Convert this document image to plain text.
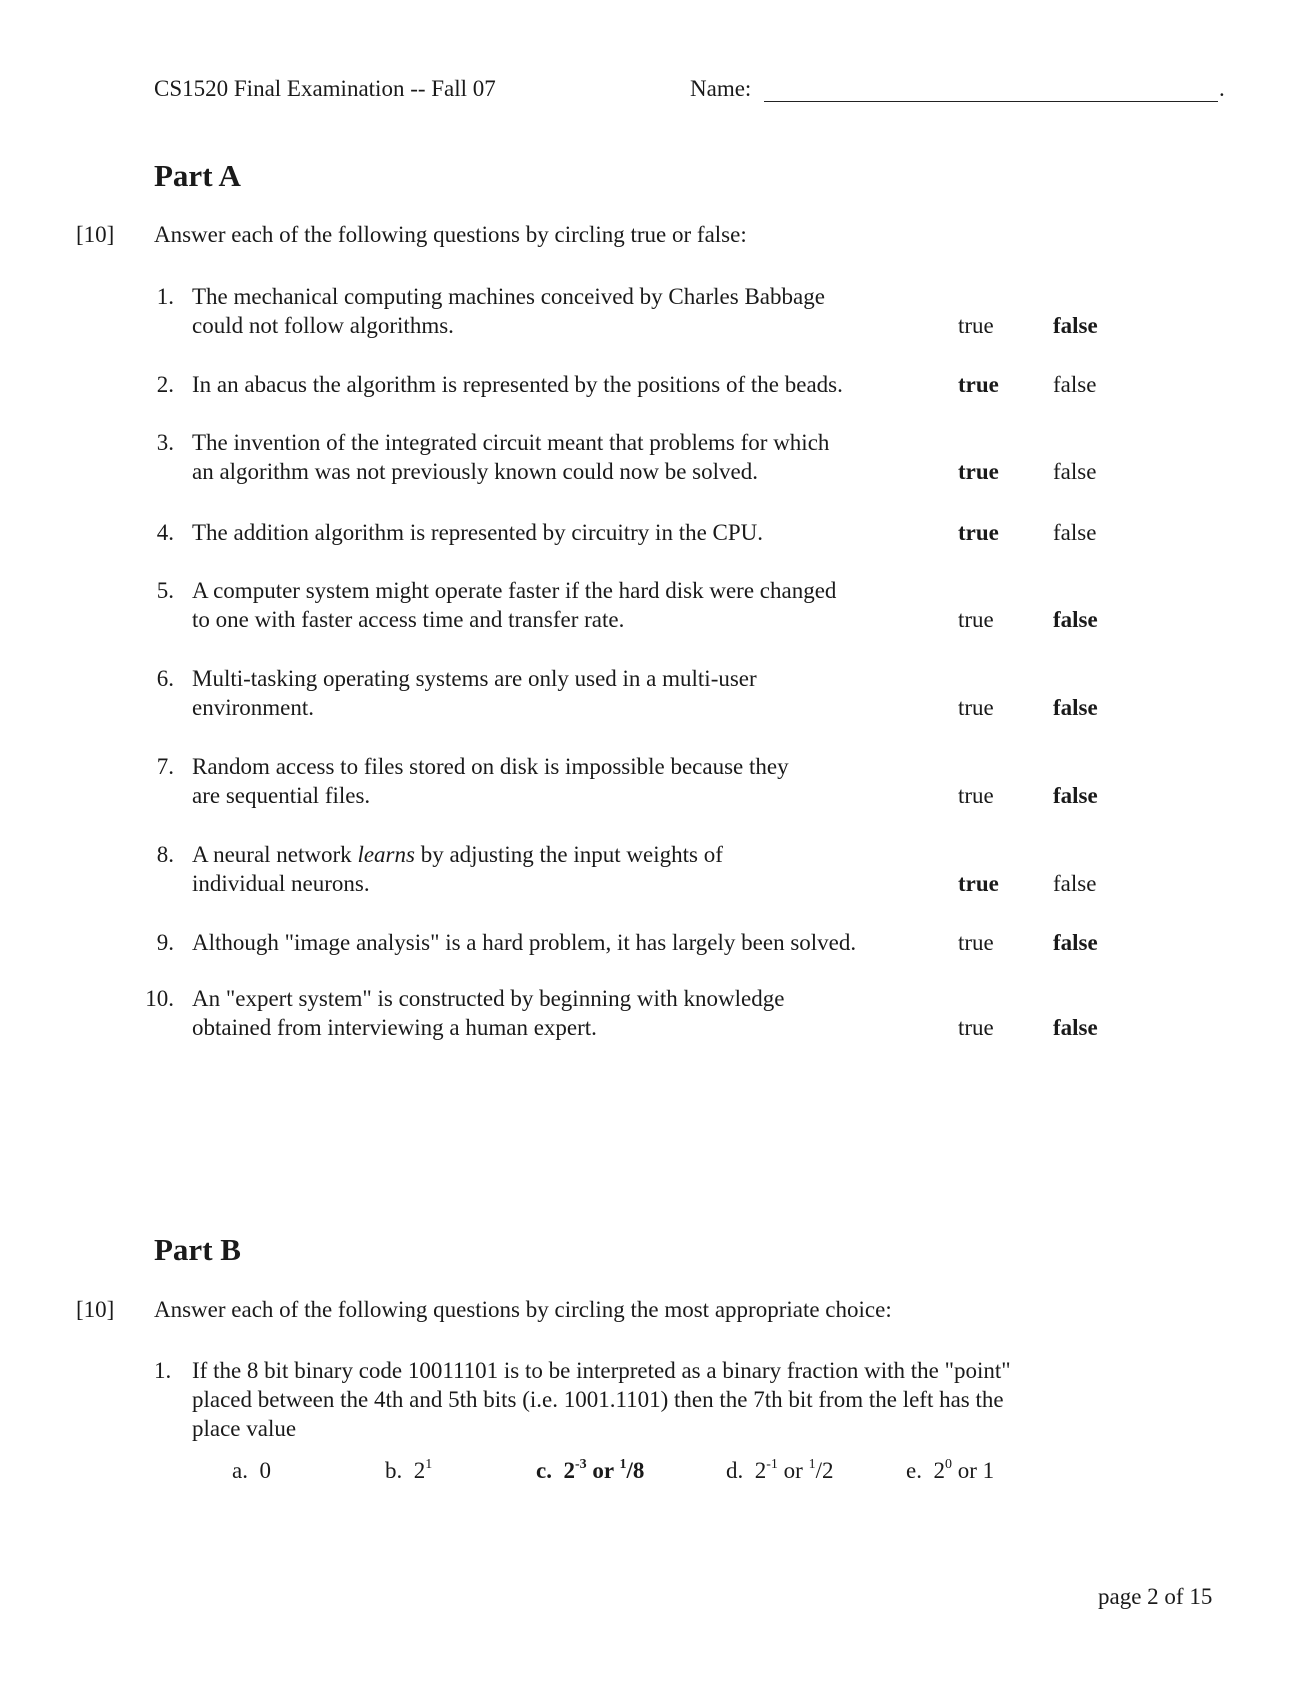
CS1520 Final Examination -- Fall 07	Name:	.
Part A
[10] Answer each of the following questions by circling true or false:
1. The mechanical computing machines conceived by Charles Babbage
could not follow algorithms.	true	false
2. In an abacus the algorithm is represented by the positions of the beads.	true false
3. The invention of the integrated circuit meant that problems for which
an algorithm was not previously known could now be solved.	true false
4. The addition algorithm is represented by circuitry in the CPU.	true false
5. A computer system might operate faster if the hard disk were changed
to one with faster access time and transfer rate.	true	false
6. Multi-tasking operating systems are only used in a multi-user
environment.	true	false
7. Random access to files stored on disk is impossible because they
are sequential files.	true	false
8. A neural network learns by adjusting the input weights of
individual neurons.	true false
9. Although "image analysis" is a hard problem, it has largely been solved.	true	false
10. An "expert system" is constructed by beginning with knowledge
obtained from interviewing a human expert.	true	false
Part B
[10] Answer each of the following questions by circling the most appropriate choice:
1. If the 8 bit binary code 10011101 is to be interpreted as a binary fraction with the "point"
placed between the 4th and 5th bits (i.e. 1001.1101) then the 7th bit from the left has the
place value
a. 0	b. $2^1$	c. $2^{-3}$ or $^1$/8	d. $2^{-1}$ or $^1$/2	e. $2^0$ or 1
page 2 of 15
